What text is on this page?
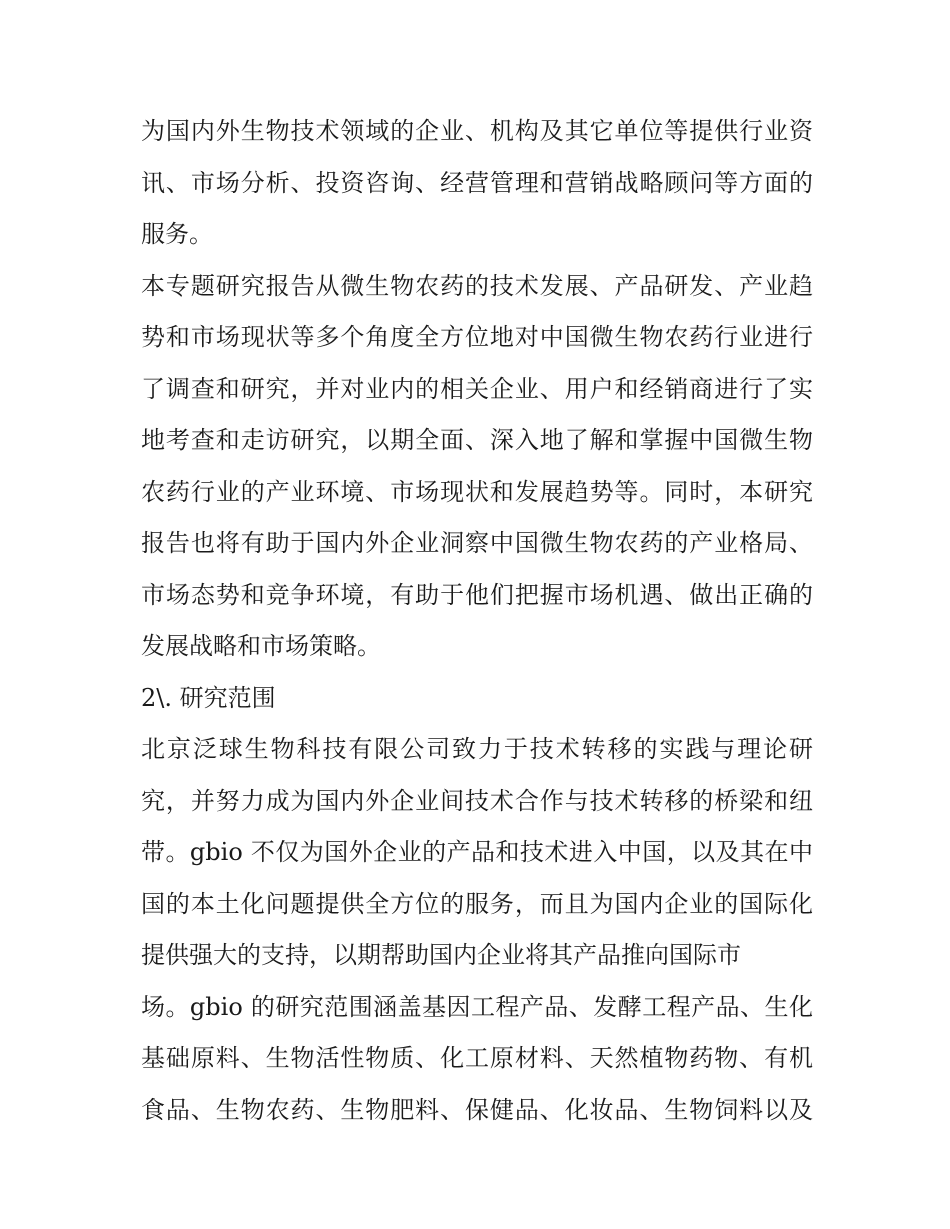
为国内外生物技术领域的企业、机构及其它单位等提供行业资
讯、市场分析、投资咨询、经营管理和营销战略顾问等方面的
服务。
本专题研究报告从微生物农药的技术发展、产品研发、产业趋
势和市场现状等多个角度全方位地对中国微生物农药行业进行
了调查和研究，并对业内的相关企业、用户和经销商进行了实
地考查和走访研究，以期全面、深入地了解和掌握中国微生物
农药行业的产业环境、市场现状和发展趋势等。同时，本研究
报告也将有助于国内外企业洞察中国微生物农药的产业格局、
市场态势和竞争环境，有助于他们把握市场机遇、做出正确的
发展战略和市场策略。
2\. 研究范围
北京泛球生物科技有限公司致力于技术转移的实践与理论研
究，并努力成为国内外企业间技术合作与技术转移的桥梁和纽
带。gbio 不仅为国外企业的产品和技术进入中国，以及其在中
国的本土化问题提供全方位的服务，而且为国内企业的国际化
提供强大的支持，以期帮助国内企业将其产品推向国际市
场。gbio 的研究范围涵盖基因工程产品、发酵工程产品、生化
基础原料、生物活性物质、化工原材料、天然植物药物、有机
食品、生物农药、生物肥料、保健品、化妆品、生物饲料以及
